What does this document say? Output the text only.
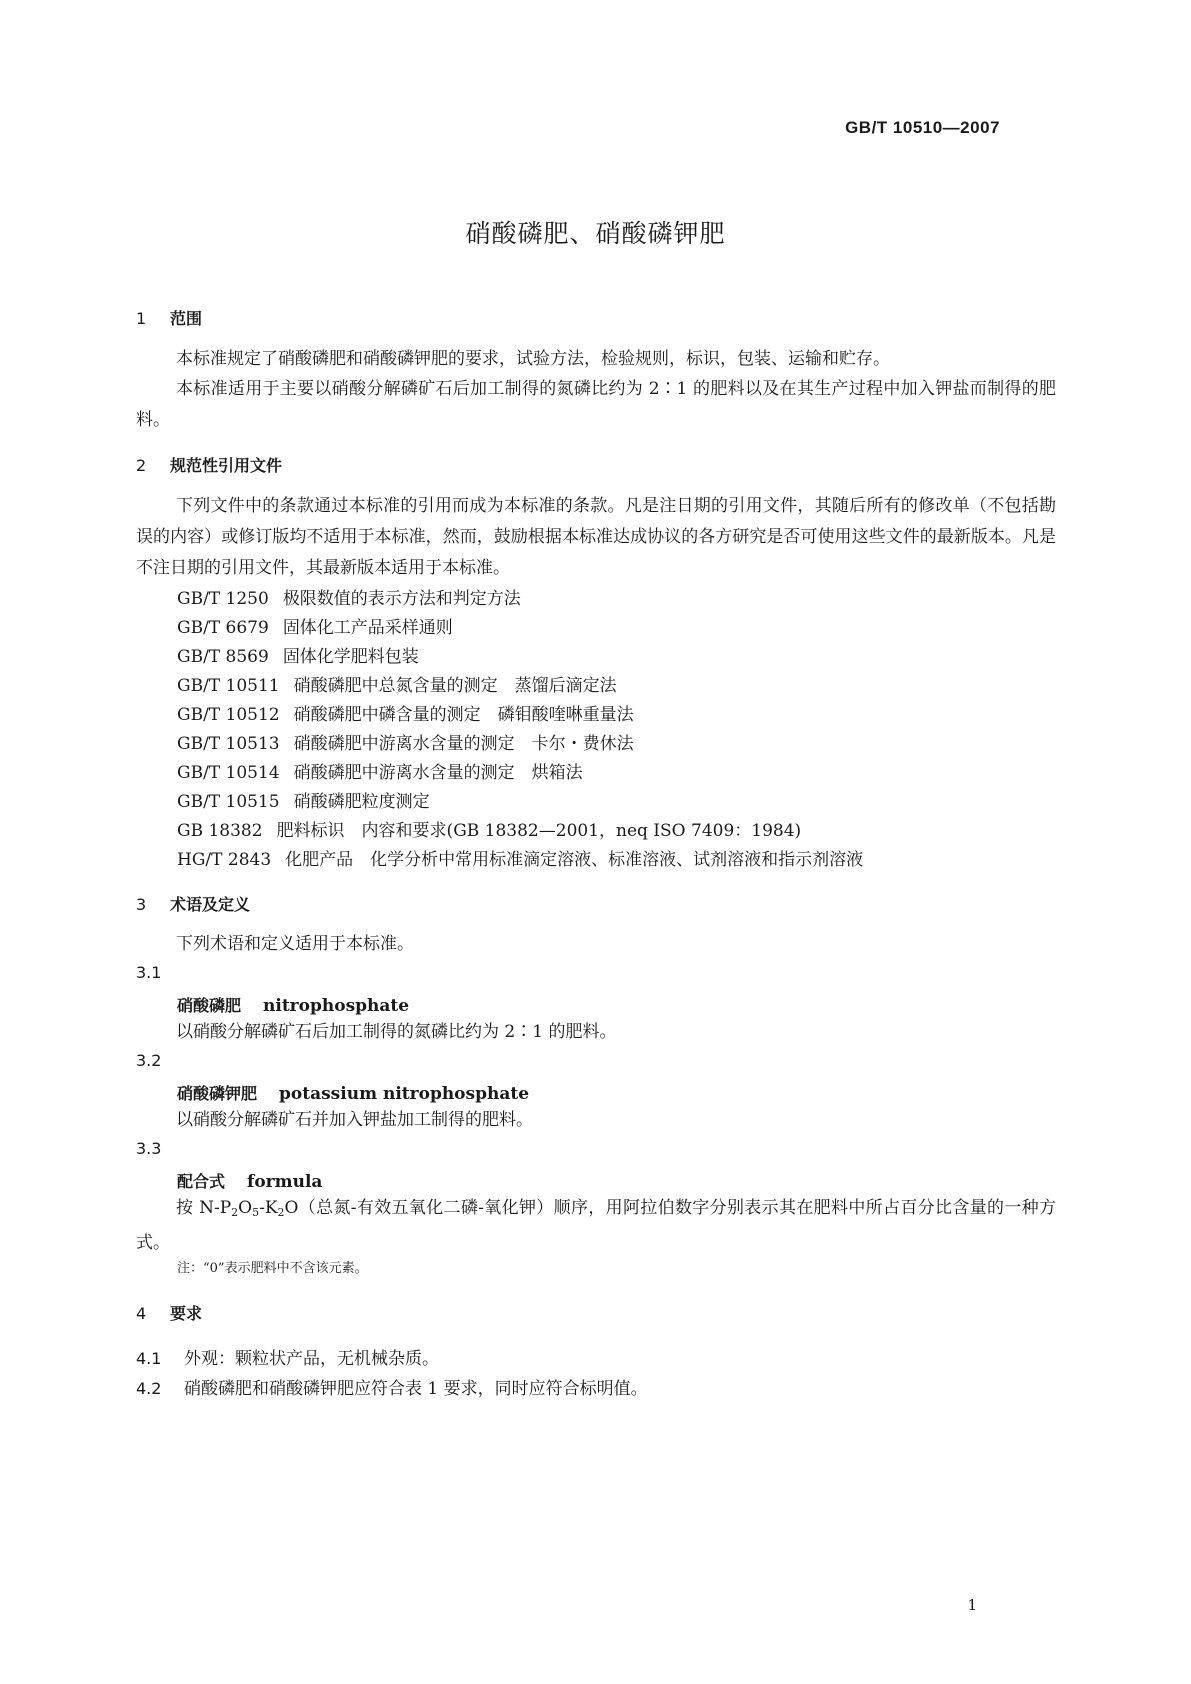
GB/T 10510—2007
硝酸磷肥、硝酸磷钾肥
1 范围
本标准规定了硝酸磷肥和硝酸磷钾肥的要求，试验方法，检验规则，标识，包装、运输和贮存。
本标准适用于主要以硝酸分解磷矿石后加工制得的氮磷比约为 2∶1 的肥料以及在其生产过程中加入钾盐而制得的肥料。
2 规范性引用文件
下列文件中的条款通过本标准的引用而成为本标准的条款。凡是注日期的引用文件，其随后所有的修改单（不包括勘误的内容）或修订版均不适用于本标准，然而，鼓励根据本标准达成协议的各方研究是否可使用这些文件的最新版本。凡是不注日期的引用文件，其最新版本适用于本标准。
GB/T 1250 极限数值的表示方法和判定方法
GB/T 6679 固体化工产品采样通则
GB/T 8569 固体化学肥料包装
GB/T 10511 硝酸磷肥中总氮含量的测定　蒸馏后滴定法
GB/T 10512 硝酸磷肥中磷含量的测定　磷钼酸喹啉重量法
GB/T 10513 硝酸磷肥中游离水含量的测定　卡尔・费休法
GB/T 10514 硝酸磷肥中游离水含量的测定　烘箱法
GB/T 10515 硝酸磷肥粒度测定
GB 18382 肥料标识　内容和要求(GB 18382—2001，neq ISO 7409：1984)
HG/T 2843 化肥产品　化学分析中常用标准滴定溶液、标准溶液、试剂溶液和指示剂溶液
3 术语及定义
下列术语和定义适用于本标准。
3.1
硝酸磷肥 nitrophosphate
以硝酸分解磷矿石后加工制得的氮磷比约为 2∶1 的肥料。
3.2
硝酸磷钾肥 potassium nitrophosphate
以硝酸分解磷矿石并加入钾盐加工制得的肥料。
3.3
配合式 formula
按 $N-P_2O_5-K_2O$（总氮-有效五氧化二磷-氧化钾）顺序，用阿拉伯数字分别表示其在肥料中所占百分比含量的一种方式。
注：“0”表示肥料中不含该元素。
4 要求
4.1 外观：颗粒状产品，无机械杂质。
4.2 硝酸磷肥和硝酸磷钾肥应符合表 1 要求，同时应符合标明值。
1
